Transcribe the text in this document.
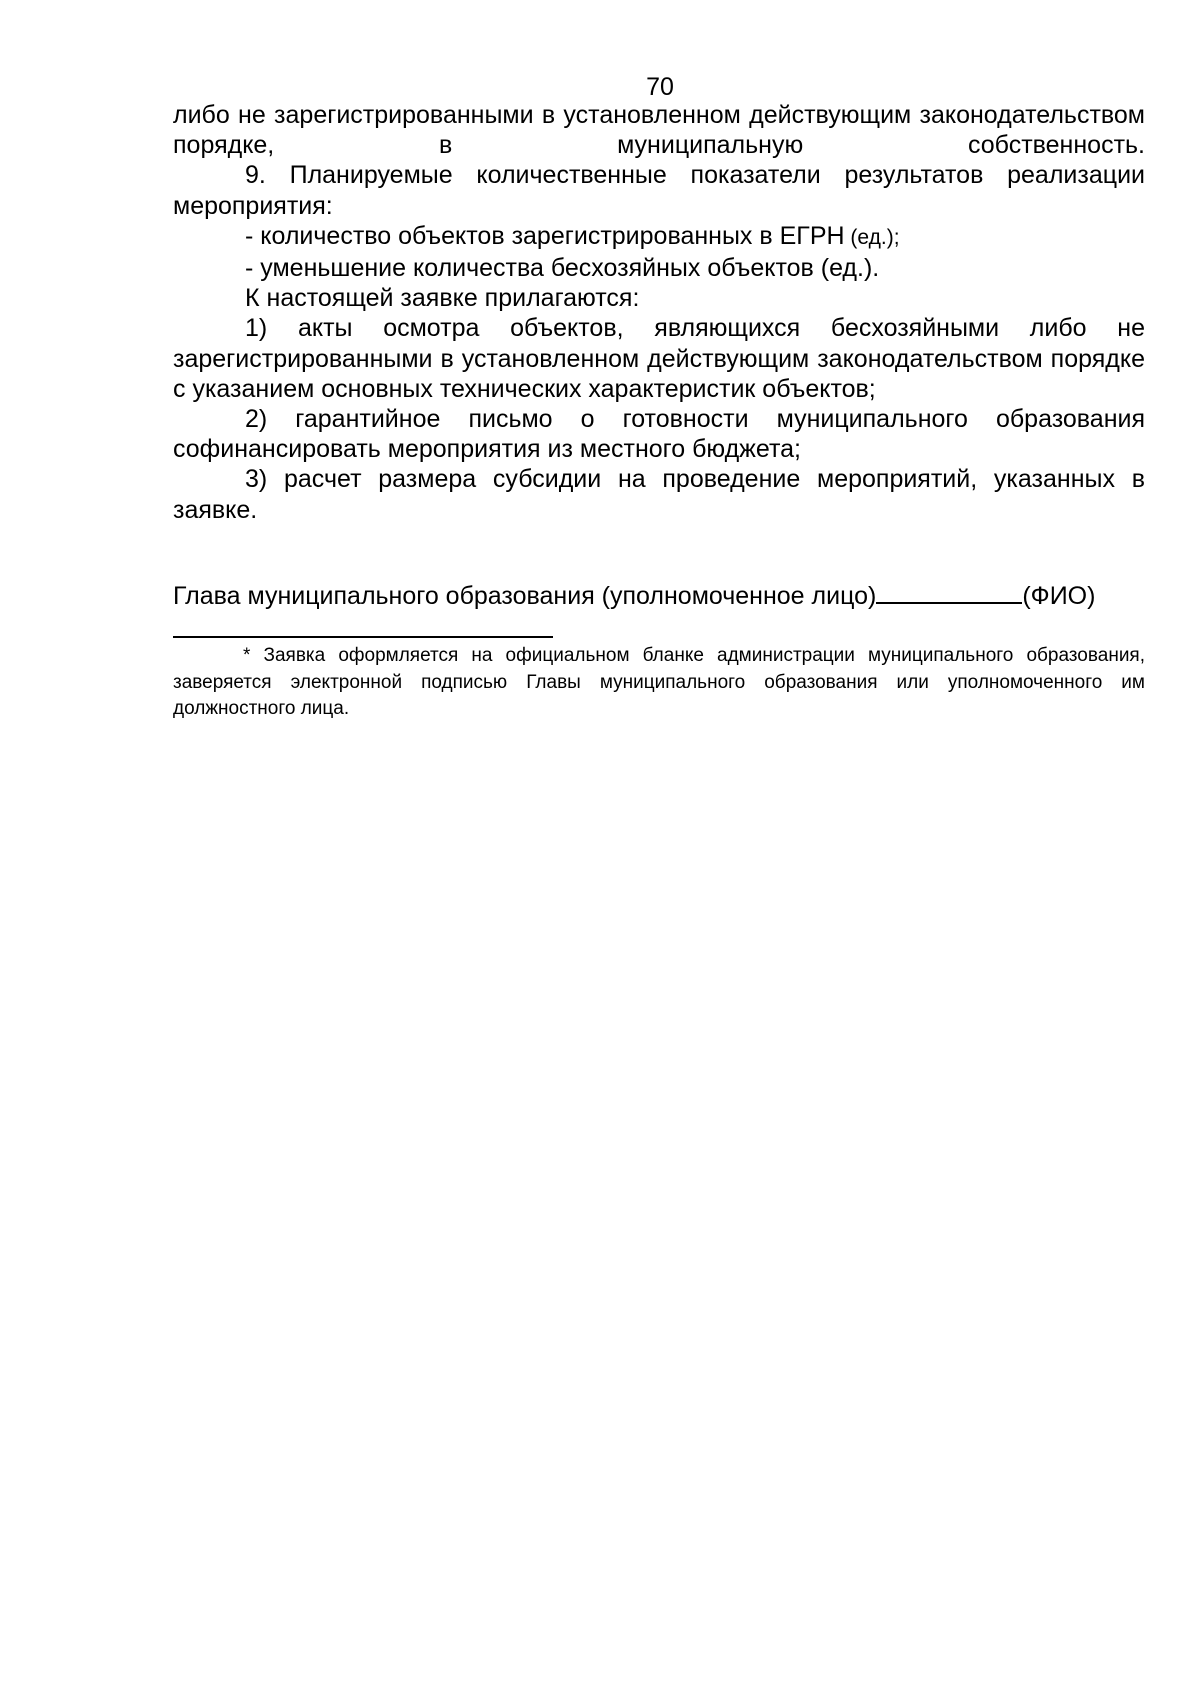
70

либо не зарегистрированными в установленном действующим законодательством порядке, в муниципальную собственность.

9. Планируемые количественные показатели результатов реализации мероприятия:

- количество объектов зарегистрированных в ЕГРН (ед.);

- уменьшение количества бесхозяйных объектов (ед.).

К настоящей заявке прилагаются:

1) акты осмотра объектов, являющихся бесхозяйными либо не зарегистрированными в установленном действующим законодательством порядке с указанием основных технических характеристик объектов;

2) гарантийное письмо о готовности муниципального образования софинансировать мероприятия из местного бюджета;

3) расчет размера субсидии на проведение мероприятий, указанных в заявке.

Глава муниципального образования (уполномоченное лицо)	(ФИО)
* Заявка оформляется на официальном бланке администрации муниципального образования, заверяется электронной подписью Главы муниципального образования или уполномоченного им должностного лица.
